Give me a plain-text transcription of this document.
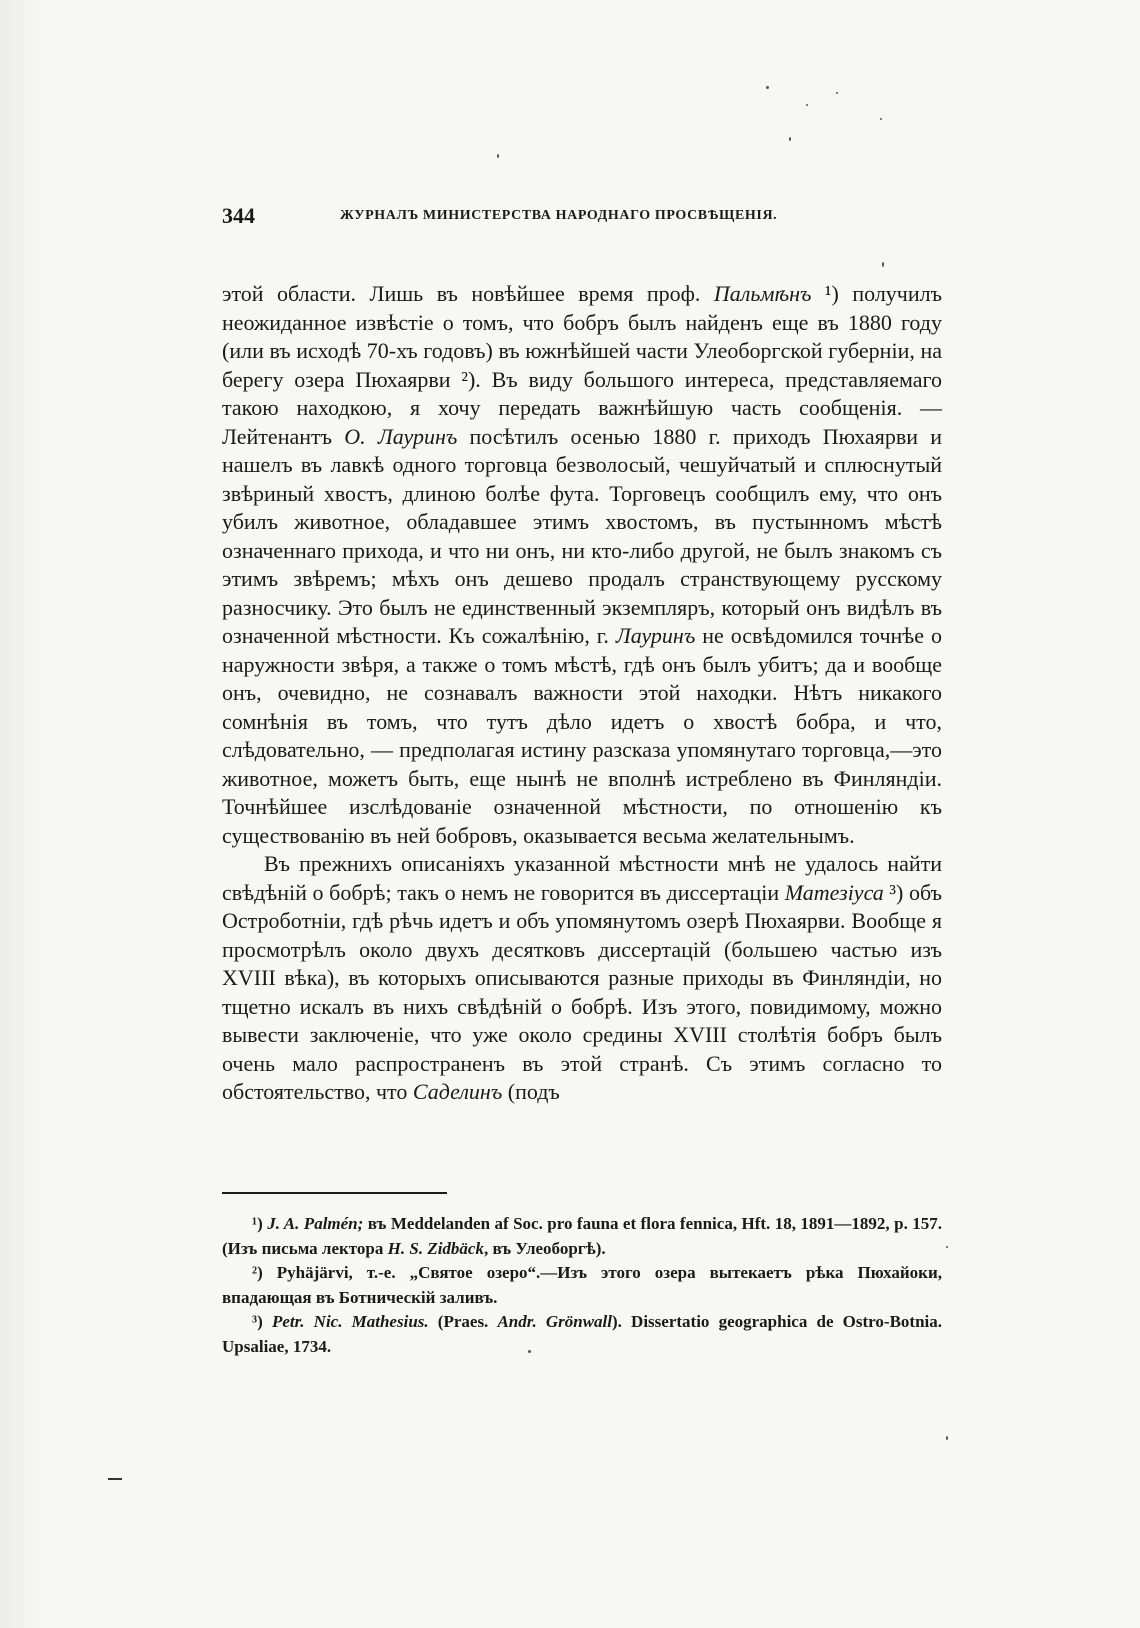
344	ЖУРНАЛЪ МИНИСТЕРСТВА НАРОДНАГО ПРОСВѢЩЕНІЯ.

этой области. Лишь въ новѣйшее время проф. Пальмѣнъ ¹) получилъ неожиданное извѣстіе о томъ, что бобръ былъ найденъ еще въ 1880 году (или въ исходѣ 70-хъ годовъ) въ южнѣйшей части Улеоборгской губерніи, на берегу озера Пюхаярви ²). Въ виду большого интереса, представляемаго такою находкою, я хочу передать важнѣйшую часть сообщенія. — Лейтенантъ О. Лауринъ посѣтилъ осенью 1880 г. приходъ Пюхаярви и нашелъ въ лавкѣ одного торговца безволосый, чешуйчатый и сплюснутый звѣриный хвостъ, длиною болѣе фута. Торговецъ сообщилъ ему, что онъ убилъ животное, обладавшее этимъ хвостомъ, въ пустынномъ мѣстѣ означеннаго прихода, и что ни онъ, ни кто-либо другой, не былъ знакомъ съ этимъ звѣремъ; мѣхъ онъ дешево продалъ странствующему русскому разносчику. Это былъ не единственный экземпляръ, который онъ видѣлъ въ означенной мѣстности. Къ сожалѣнію, г. Лауринъ не освѣдомился точнѣе о наружности звѣря, а также о томъ мѣстѣ, гдѣ онъ былъ убитъ; да и вообще онъ, очевидно, не сознавалъ важности этой находки. Нѣтъ никакого сомнѣнія въ томъ, что тутъ дѣло идетъ о хвостѣ бобра, и что, слѣдовательно, — предполагая истину разсказа упомянутаго торговца,—это животное, можетъ быть, еще нынѣ не вполнѣ истреблено въ Финляндіи. Точнѣйшее изслѣдованіе означенной мѣстности, по отношенію къ существованію въ ней бобровъ, оказывается весьма желательнымъ.

Въ прежнихъ описаніяхъ указанной мѣстности мнѣ не удалось найти свѣдѣній о бобрѣ; такъ о немъ не говорится въ диссертаціи Матезіуса ³) объ Остроботніи, гдѣ рѣчь идетъ и объ упомянутомъ озерѣ Пюхаярви. Вообще я просмотрѣлъ около двухъ десятковъ диссертацій (большею частью изъ XVIII вѣка), въ которыхъ описываются разные приходы въ Финляндіи, но тщетно искалъ въ нихъ свѣдѣній о бобрѣ. Изъ этого, повидимому, можно вывести заключеніе, что уже около средины XVIII столѣтія бобръ былъ очень мало распространенъ въ этой странѣ. Съ этимъ согласно то обстоятельство, что Саделинъ (подъ

¹) J. A. Palmén; въ Meddelanden af Soc. pro fauna et flora fennica, Hft. 18, 1891—1892, p. 157. (Изъ письма лектора H. S. Zidbäck, въ Улеоборгѣ).

²) Pyhäjärvi, т.-е. „Святое озеро“.—Изъ этого озера вытекаетъ рѣка Пюхайоки, впадающая въ Ботническій заливъ.

³) Petr. Nic. Mathesius. (Praes. Andr. Grönwall). Dissertatio geographica de Ostro-Botnia. Upsaliae, 1734.
